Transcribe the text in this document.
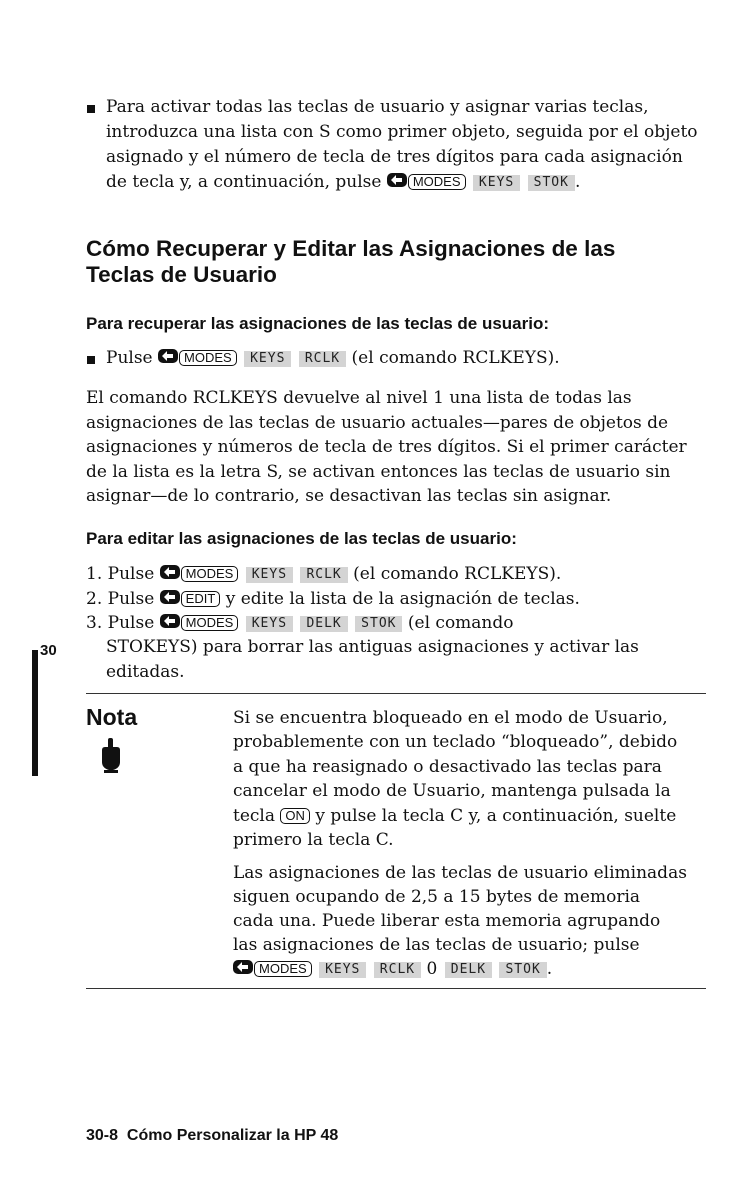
Para activar todas las teclas de usuario y asignar varias teclas,
introduzca una lista con S como primer objeto, seguida por el objeto
asignado y el número de tecla de tres dígitos para cada asignación
de tecla y, a continuación, pulse MODES KEYS STOK .
Cómo Recuperar y Editar las Asignaciones de las
Teclas de Usuario
Para recuperar las asignaciones de las teclas de usuario:
Pulse MODES KEYS RCLK (el comando RCLKEYS).
El comando RCLKEYS devuelve al nivel 1 una lista de todas las
asignaciones de las teclas de usuario actuales—pares de objetos de
asignaciones y números de tecla de tres dígitos. Si el primer carácter
de la lista es la letra S, se activan entonces las teclas de usuario sin
asignar—de lo contrario, se desactivan las teclas sin asignar.
Para editar las asignaciones de las teclas de usuario:
1. Pulse MODES KEYS RCLK (el comando RCLKEYS).
2. Pulse EDIT y edite la lista de la asignación de teclas.
3. Pulse MODES KEYS DELK STOK (el comando
STOKEYS) para borrar las antiguas asignaciones y activar las
editadas.
30
Nota	Si se encuentra bloqueado en el modo de Usuario,
probablemente con un teclado “bloqueado”, debido
a que ha reasignado o desactivado las teclas para
cancelar el modo de Usuario, mantenga pulsada la
tecla ON y pulse la tecla C y, a continuación, suelte
primero la tecla C.
Las asignaciones de las teclas de usuario eliminadas
siguen ocupando de 2,5 a 15 bytes de memoria
cada una. Puede liberar esta memoria agrupando
las asignaciones de las teclas de usuario; pulse
MODES KEYS RCLK 0 DELK STOK .
30-8  Cómo Personalizar la HP 48
